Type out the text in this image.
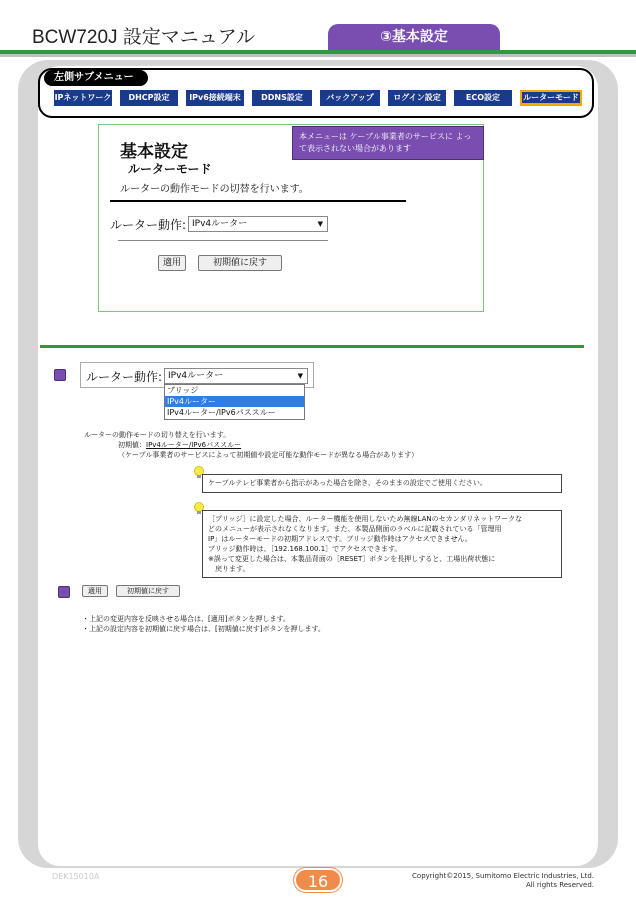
BCW720J 設定マニュアル	③基本設定
左側サブメニュー
IPネットワーク	DHCP設定	IPv6接続端末	DDNS設定	バックアップ	ログイン設定	ECO設定	ルーターモード
基本設定
ルーターモード
ルーターの動作モードの切替を行います。
ルーター動作: IPv4ルーター	▼
適用	初期値に戻す
本メニューは ケーブル事業者のサービスに よって表示されない場合があります
ルーター動作: IPv4ルーター	▼
ブリッジ
IPv4ルーター
IPv4ルーター/IPv6パススルー
ルーターの動作モードの切り替えを行います。
初期値：IPv4ルーター/IPv6パススルー
（ケーブル事業者のサービスによって初期値や設定可能な動作モードが異なる場合があります）
ケーブルテレビ事業者から指示があった場合を除き、そのままの設定でご使用ください。
［ブリッジ］に設定した場合、ルーター機能を使用しないため無線LANのセカンダリネットワークな
どのメニューが表示されなくなります。また、本製品側面のラベルに記載されている「管理用
IP」はルーターモードの初期アドレスです。ブリッジ動作時はアクセスできません。
ブリッジ動作時は、［192.168.100.1］でアクセスできます。
※誤って変更した場合は、本製品背面の［RESET］ボタンを長押しすると、工場出荷状態に
　戻ります。
適用	初期値に戻す
・上記の変更内容を反映させる場合は、[適用]ボタンを押します。
・上記の設定内容を初期値に戻す場合は、[初期値に戻す]ボタンを押します。
DEK15010A	16	Copyright©2015, Sumitomo Electric Industries, Ltd.
All rights Reserved.
